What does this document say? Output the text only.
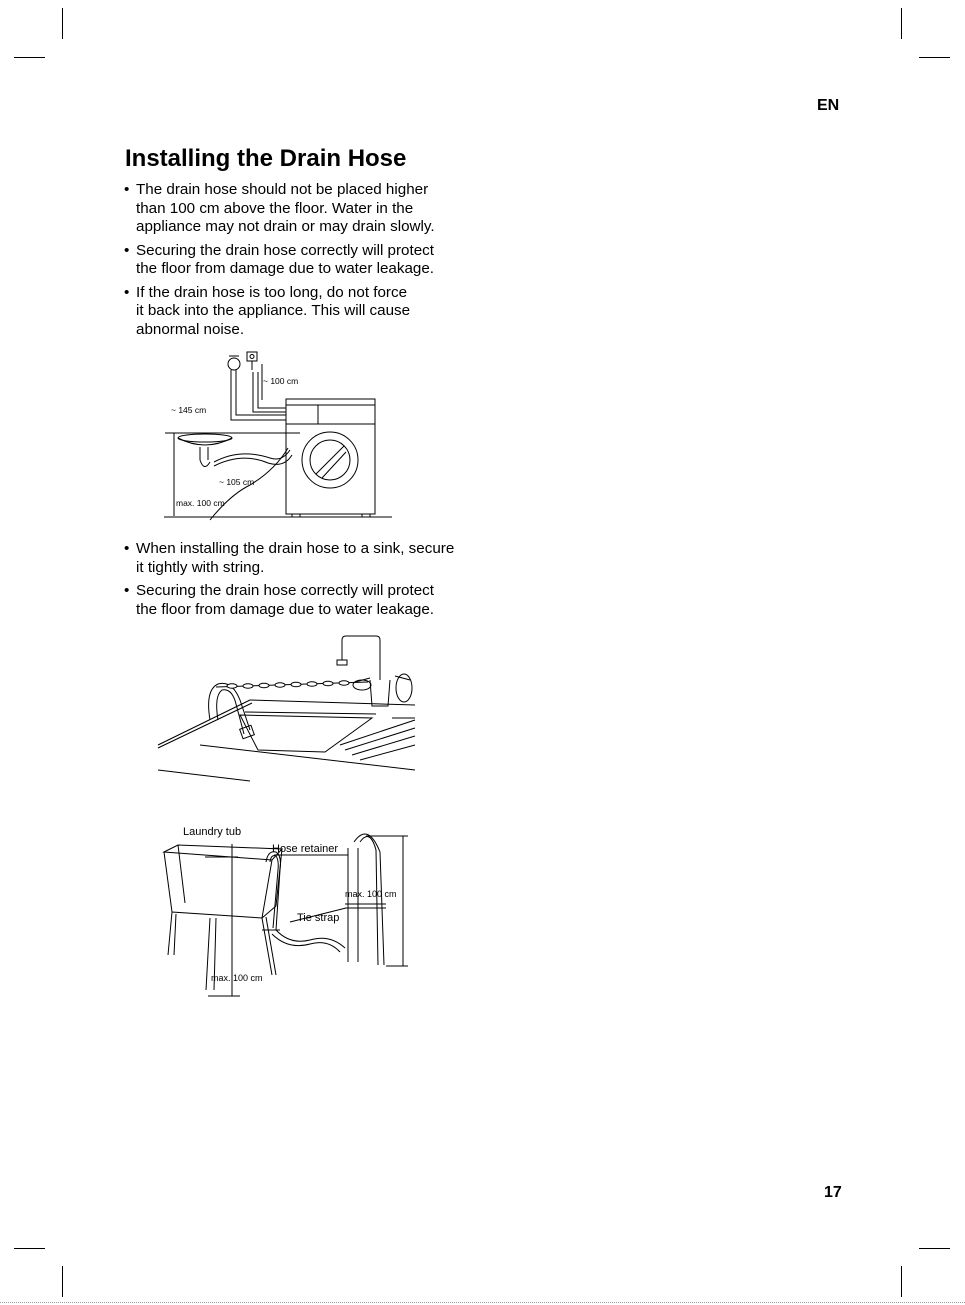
EN
Installing the Drain Hose
• The drain hose should not be placed higher
than 100 cm above the floor. Water in the
appliance may not drain or may drain slowly.
• Securing the drain hose correctly will protect
the floor from damage due to water leakage.
• If the drain hose is too long, do not force
it back into the appliance. This will cause
abnormal noise.
~ 100 cm
~ 145 cm
~ 105 cm
max. 100 cm
• When installing the drain hose to a sink, secure
it tightly with string.
• Securing the drain hose correctly will protect
the floor from damage due to water leakage.
Laundry tub
Hose retainer
Tie strap
max. 100 cm
max. 100 cm
17
